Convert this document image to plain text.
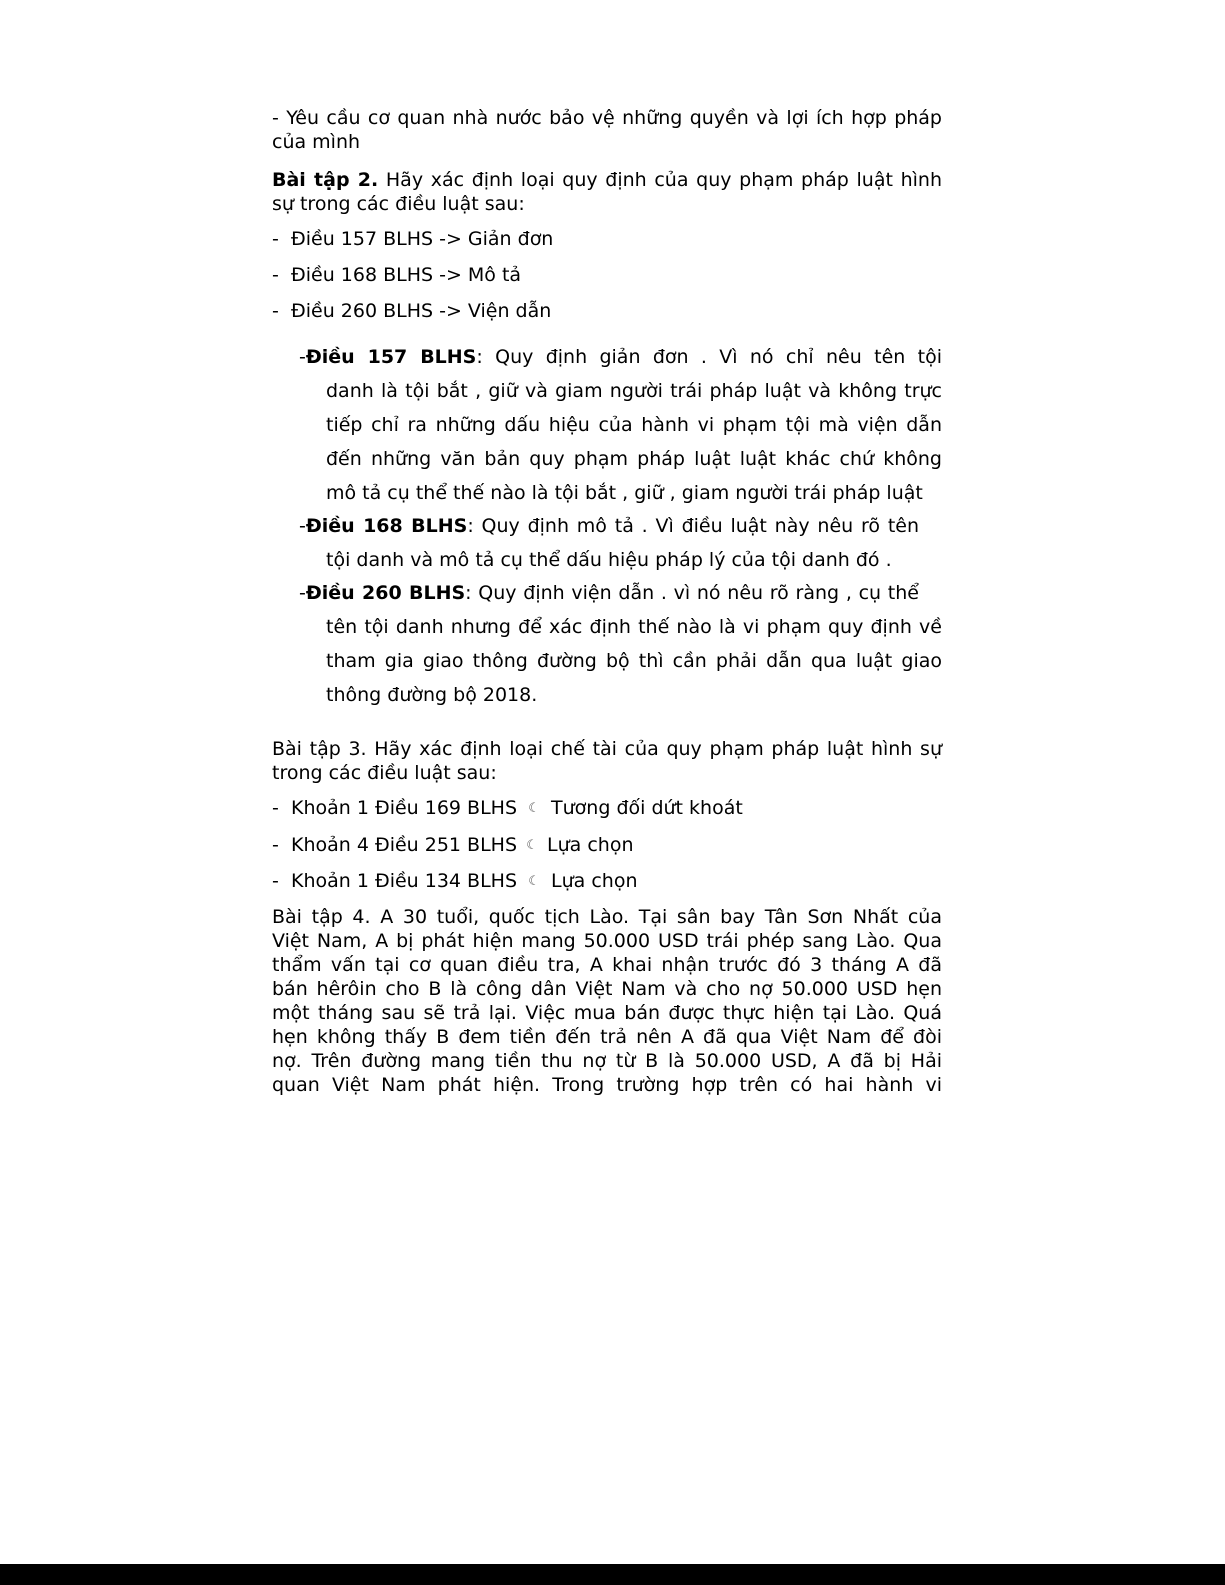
- Yêu cầu cơ quan nhà nước bảo vệ những quyền và lợi ích hợp pháp

của mình

Bài tập 2. Hãy xác định loại quy định của quy phạm pháp luật hình

sự trong các điều luật sau:

- Điều 157 BLHS -> Giản đơn
- Điều 168 BLHS -> Mô tả
- Điều 260 BLHS -> Viện dẫn
-Điều 157 BLHS: Quy định giản đơn . Vì nó chỉ nêu tên tội
danh là tội bắt , giữ và giam người trái pháp luật và không trực
tiếp chỉ ra những dấu hiệu của hành vi phạm tội mà viện dẫn
đến những văn bản quy phạm pháp luật luật khác chứ không
mô tả cụ thể thế nào là tội bắt , giữ , giam người trái pháp luật
-Điều 168 BLHS: Quy định mô tả . Vì điều luật này nêu rõ tên
tội danh và mô tả cụ thể dấu hiệu pháp lý của tội danh đó .
-Điều 260 BLHS: Quy định viện dẫn . vì nó nêu rõ ràng , cụ thể
tên tội danh nhưng để xác định thế nào là vi phạm quy định về
tham gia giao thông đường bộ thì cần phải dẫn qua luật giao
thông đường bộ 2018.

Bài tập 3. Hãy xác định loại chế tài của quy phạm pháp luật hình sự

trong các điều luật sau:

- Khoản 1 Điều 169 BLHS ☾ Tương đối dứt khoát
- Khoản 4 Điều 251 BLHS ☾ Lựa chọn
- Khoản 1 Điều 134 BLHS ☾ Lựa chọn

Bài tập 4. A 30 tuổi, quốc tịch Lào. Tại sân bay Tân Sơn Nhất của

Việt Nam, A bị phát hiện mang 50.000 USD trái phép sang Lào. Qua

thẩm vấn tại cơ quan điều tra, A khai nhận trước đó 3 tháng A đã

bán hêrôin cho B là công dân Việt Nam và cho nợ 50.000 USD hẹn

một tháng sau sẽ trả lại. Việc mua bán được thực hiện tại Lào. Quá

hẹn không thấy B đem tiền đến trả nên A đã qua Việt Nam để đòi

nợ. Trên đường mang tiền thu nợ từ B là 50.000 USD, A đã bị Hải

quan Việt Nam phát hiện. Trong trường hợp trên có hai hành vi
